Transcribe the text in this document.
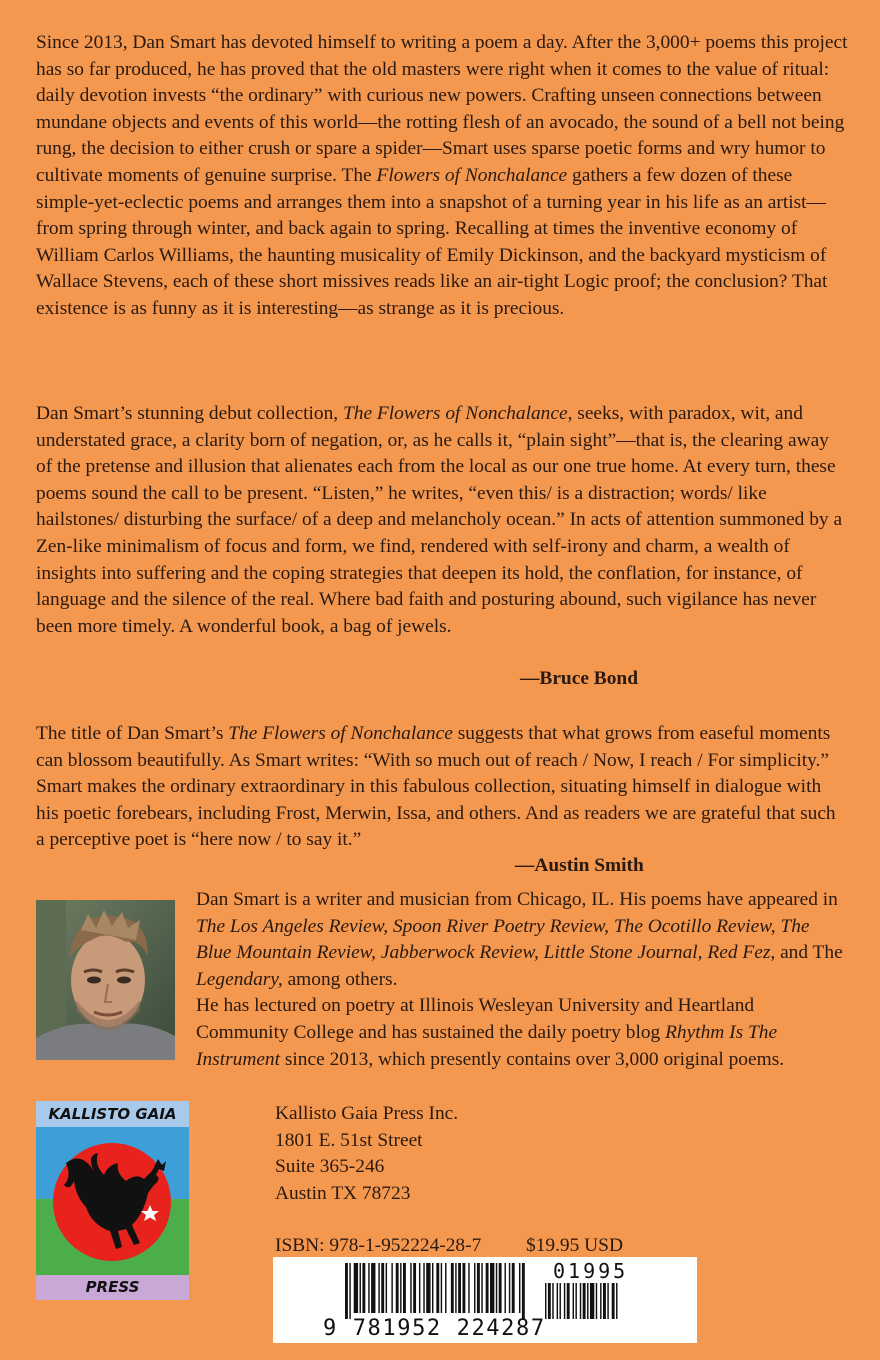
Since 2013, Dan Smart has devoted himself to writing a poem a day. After the 3,000+ poems this project has so far produced, he has proved that the old masters were right when it comes to the value of ritual: daily devotion invests “the ordinary” with curious new powers. Crafting unseen connections between mundane objects and events of this world—the rotting flesh of an avocado, the sound of a bell not being rung, the decision to either crush or spare a spider—Smart uses sparse poetic forms and wry humor to cultivate moments of genuine surprise. The Flowers of Nonchalance gathers a few dozen of these simple-yet-eclectic poems and arranges them into a snapshot of a turning year in his life as an artist—from spring through winter, and back again to spring. Recalling at times the inventive economy of William Carlos Williams, the haunting musicality of Emily Dickinson, and the backyard mysticism of Wallace Stevens, each of these short missives reads like an air-tight Logic proof; the conclusion? That existence is as funny as it is interesting—as strange as it is precious.

Dan Smart’s stunning debut collection, The Flowers of Nonchalance, seeks, with paradox, wit, and understated grace, a clarity born of negation, or, as he calls it, “plain sight”—that is, the clearing away of the pretense and illusion that alienates each from the local as our one true home. At every turn, these poems sound the call to be present. “Listen,” he writes, “even this/ is a distraction; words/ like hailstones/ disturbing the surface/ of a deep and melancholy ocean.” In acts of attention summoned by a Zen-like minimalism of focus and form, we find, rendered with self-irony and charm, a wealth of insights into suffering and the coping strategies that deepen its hold, the conflation, for instance, of language and the silence of the real. Where bad faith and posturing abound, such vigilance has never been more timely. A wonderful book, a bag of jewels.

—Bruce Bond

The title of Dan Smart’s The Flowers of Nonchalance suggests that what grows from easeful moments can blossom beautifully. As Smart writes: “With so much out of reach / Now, I reach / For simplicity.” Smart makes the ordinary extraordinary in this fabulous collection, situating himself in dialogue with his poetic forebears, including Frost, Merwin, Issa, and others. And as readers we are grateful that such a perceptive poet is “here now / to say it.”

—Austin Smith

Dan Smart is a writer and musician from Chicago, IL. His poems have appeared in The Los Angeles Review, Spoon River Poetry Review, The Ocotillo Review, The Blue Mountain Review, Jabberwock Review, Little Stone Journal, Red Fez, and The Legendary, among others.
He has lectured on poetry at Illinois Wesleyan University and Heartland Community College and has sustained the daily poetry blog Rhythm Is The Instrument since 2013, which presently contains over 3,000 original poems.

KALLISTO GAIA
PRESS
Kallisto Gaia Press Inc.
1801 E. 51st Street
Suite 365-246
Austin TX 78723
ISBN: 978-1-952224-28-7 $19.95 USD
9 781952 224287
01995
